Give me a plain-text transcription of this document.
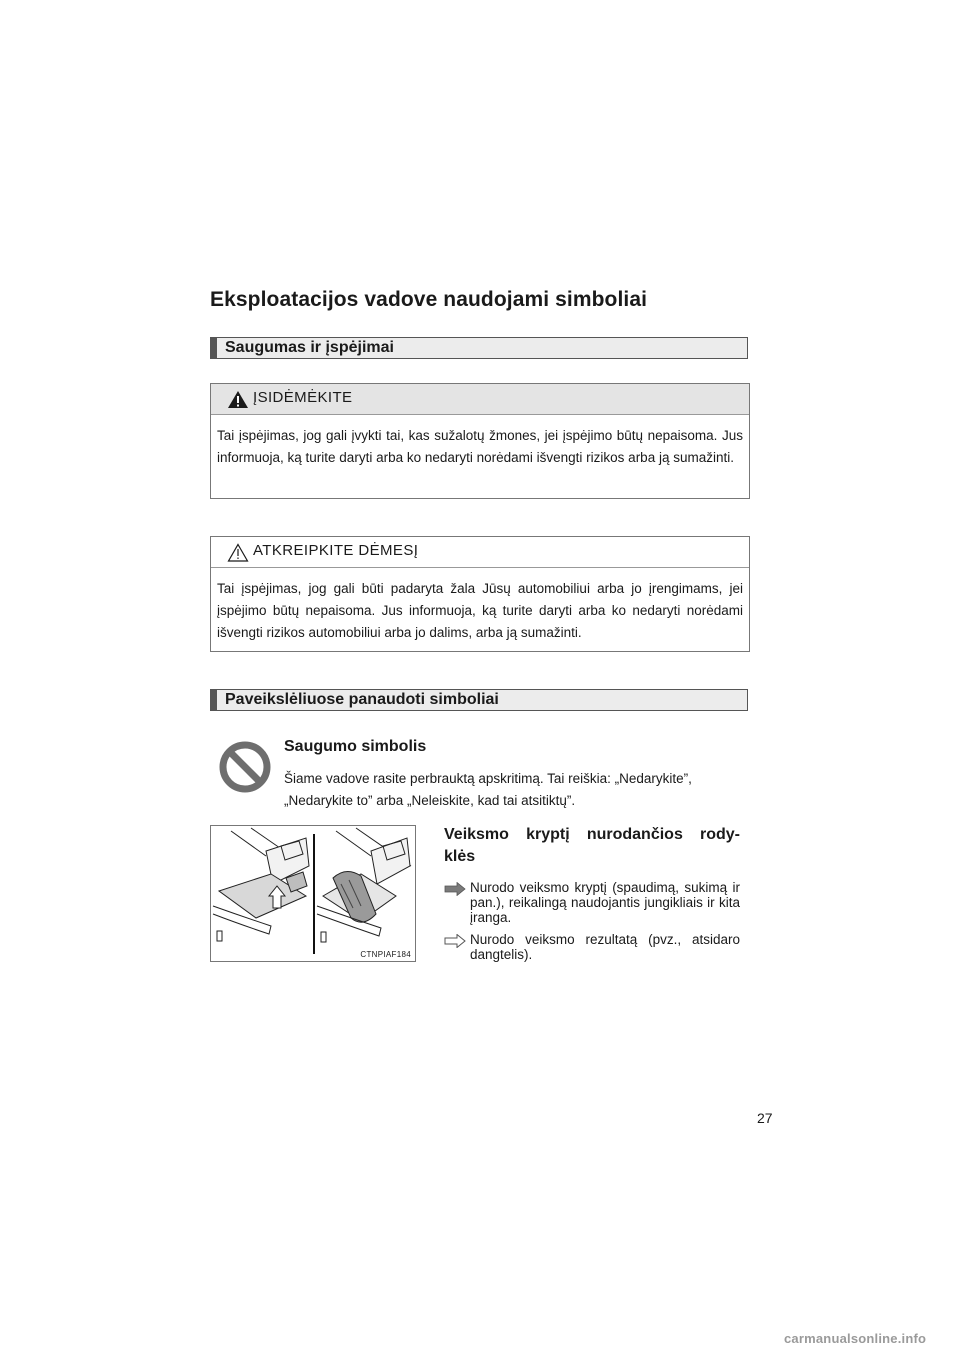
Eksploatacijos vadove naudojami simboliai
Saugumas ir įspėjimai
ĮSIDĖMĖKITE
Tai įspėjimas, jog gali įvykti tai, kas sužalotų žmones, jei įspėjimo būtų nepaisoma. Jus informuoja, ką turite daryti arba ko nedaryti norėdami išvengti rizikos arba ją sumažinti.
ATKREIPKITE DĖMESĮ
Tai įspėjimas, jog gali būti padaryta žala Jūsų automobiliui arba jo įrengimams, jei įspėjimo būtų nepaisoma. Jus informuoja, ką turite daryti arba ko nedaryti norėdami išvengti rizikos automobiliui arba jo dalims, arba ją sumažinti.
Paveikslėliuose panaudoti simboliai
Saugumo simbolis
Šiame vadove rasite perbrauktą apskritimą. Tai reiškia: „Nedarykite”, „Nedarykite to” arba „Neleiskite, kad tai atsitiktų”.
CTNPIAF184
Veiksmo kryptį nurodančios rody-
klės
Nurodo veiksmo kryptį (spaudimą, sukimą ir pan.), reikalingą naudojantis jungikliais ir kita įranga.
Nurodo veiksmo rezultatą (pvz., atsidaro dangtelis).
27
carmanualsonline.info
